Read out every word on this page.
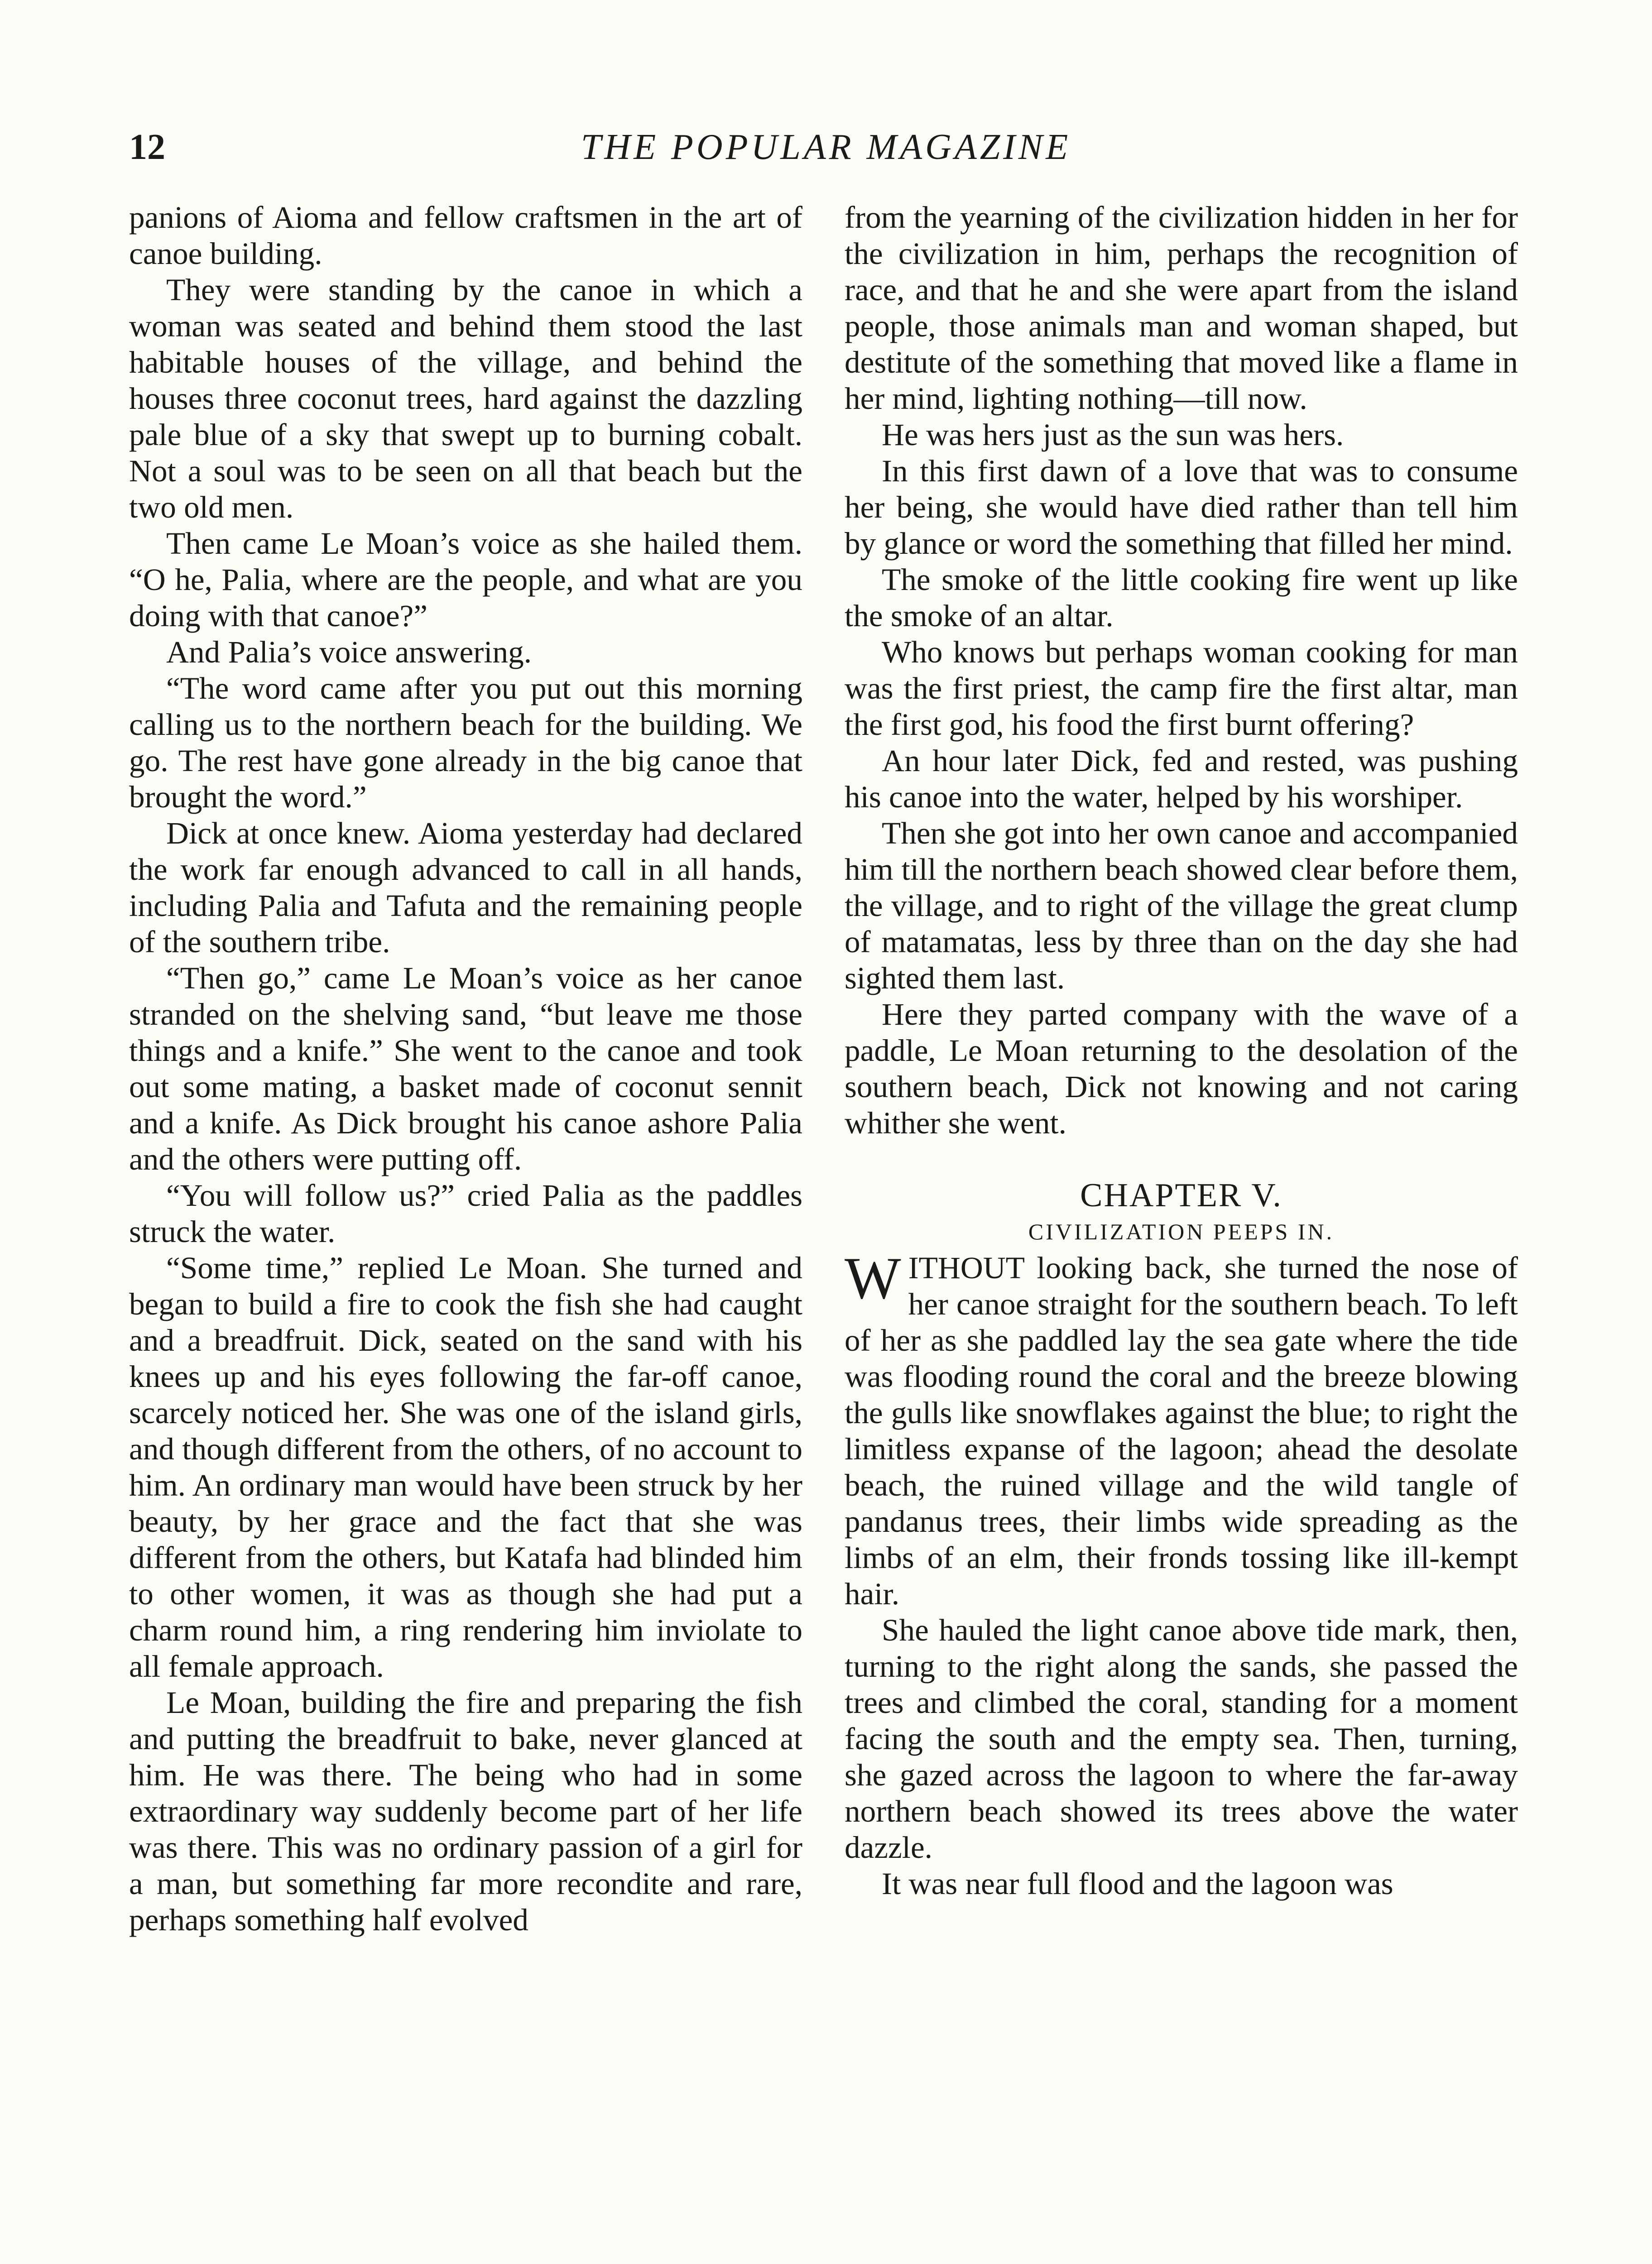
12	THE POPULAR MAGAZINE

panions of Aioma and fellow craftsmen in the art of canoe building.

They were standing by the canoe in which a woman was seated and behind them stood the last habitable houses of the village, and behind the houses three coconut trees, hard against the dazzling pale blue of a sky that swept up to burning cobalt. Not a soul was to be seen on all that beach but the two old men.

Then came Le Moan’s voice as she hailed them. “O he, Palia, where are the people, and what are you doing with that canoe?”

And Palia’s voice answering.

“The word came after you put out this morning calling us to the northern beach for the building. We go. The rest have gone already in the big canoe that brought the word.”

Dick at once knew. Aioma yesterday had declared the work far enough advanced to call in all hands, including Palia and Tafuta and the remaining people of the southern tribe.

“Then go,” came Le Moan’s voice as her canoe stranded on the shelving sand, “but leave me those things and a knife.” She went to the canoe and took out some mating, a basket made of coconut sennit and a knife. As Dick brought his canoe ashore Palia and the others were putting off.

“You will follow us?” cried Palia as the paddles struck the water.

“Some time,” replied Le Moan. She turned and began to build a fire to cook the fish she had caught and a breadfruit. Dick, seated on the sand with his knees up and his eyes following the far-off canoe, scarcely noticed her. She was one of the island girls, and though different from the others, of no account to him. An ordinary man would have been struck by her beauty, by her grace and the fact that she was different from the others, but Katafa had blinded him to other women, it was as though she had put a charm round him, a ring rendering him inviolate to all female approach.

Le Moan, building the fire and preparing the fish and putting the breadfruit to bake, never glanced at him. He was there. The being who had in some extraordinary way suddenly become part of her life was there. This was no ordinary passion of a girl for a man, but something far more recondite and rare, perhaps something half evolved

from the yearning of the civilization hidden in her for the civilization in him, perhaps the recognition of race, and that he and she were apart from the island people, those animals man and woman shaped, but destitute of the something that moved like a flame in her mind, lighting nothing—till now.

He was hers just as the sun was hers.

In this first dawn of a love that was to consume her being, she would have died rather than tell him by glance or word the something that filled her mind.

The smoke of the little cooking fire went up like the smoke of an altar.

Who knows but perhaps woman cooking for man was the first priest, the camp fire the first altar, man the first god, his food the first burnt offering?

An hour later Dick, fed and rested, was pushing his canoe into the water, helped by his worshiper.

Then she got into her own canoe and accompanied him till the northern beach showed clear before them, the village, and to right of the village the great clump of matamatas, less by three than on the day she had sighted them last.

Here they parted company with the wave of a paddle, Le Moan returning to the desolation of the southern beach, Dick not knowing and not caring whither she went.

CHAPTER V.
CIVILIZATION PEEPS IN.

WITHOUT looking back, she turned the nose of her canoe straight for the southern beach. To left of her as she paddled lay the sea gate where the tide was flooding round the coral and the breeze blowing the gulls like snowflakes against the blue; to right the limitless expanse of the lagoon; ahead the desolate beach, the ruined village and the wild tangle of pandanus trees, their limbs wide spreading as the limbs of an elm, their fronds tossing like ill-kempt hair.

She hauled the light canoe above tide mark, then, turning to the right along the sands, she passed the trees and climbed the coral, standing for a moment facing the south and the empty sea. Then, turning, she gazed across the lagoon to where the far-away northern beach showed its trees above the water dazzle.

It was near full flood and the lagoon was
